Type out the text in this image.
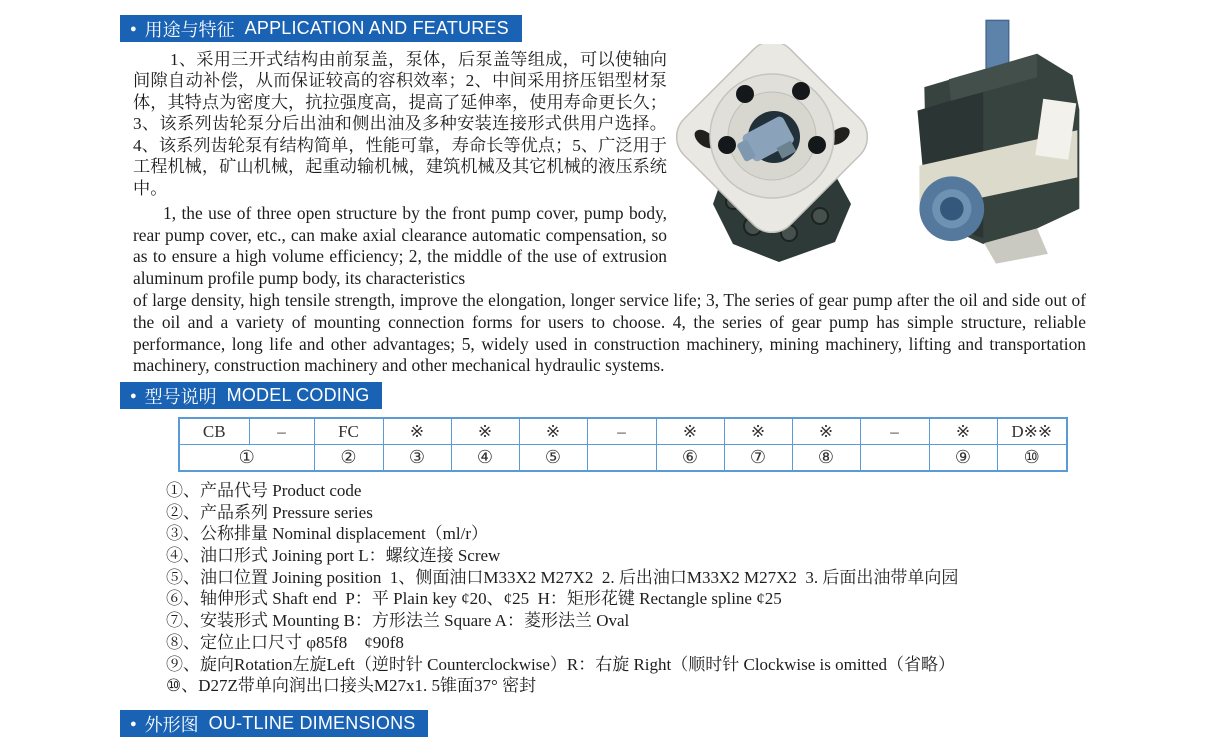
● 用途与特征 APPLICATION AND FEATURES
1、采用三开式结构由前泵盖，泵体，后泵盖等组成，可以使轴向间隙自动补偿，从而保证较高的容积效率；2、中间采用挤压铝型材泵体，其特点为密度大，抗拉强度高，提高了延伸率，使用寿命更长久；3、该系列齿轮泵分后出油和侧出油及多种安装连接形式供用户选择。4、该系列齿轮泵有结构简单，性能可靠，寿命长等优点；5、广泛用于工程机械，矿山机械，起重动输机械，建筑机械及其它机械的液压系统中。
1, the use of three open structure by the front pump cover, pump body, rear pump cover, etc., can make axial clearance automatic compensation, so as to ensure a high volume efficiency; 2, the middle of the use of extrusion aluminum profile pump body, its characteristics
of large density, high tensile strength, improve the elongation, longer service life; 3, The series of gear pump after the oil and side out of the oil and a variety of mounting connection forms for users to choose. 4, the series of gear pump has simple structure, reliable performance, long life and other advantages; 5, widely used in construction machinery, mining machinery, lifting and transportation machinery, construction machinery and other mechanical hydraulic systems.
● 型号说明 MODEL CODING
CB	–	FC	※	※	※	–	※	※	※	–	※	D※※
①		②	③	④	⑤		⑥	⑦	⑧		⑨	⑩
①、产品代号 Product code
②、产品系列 Pressure series
③、公称排量 Nominal displacement（ml/r）
④、油口形式 Joining port L：螺纹连接 Screw
⑤、油口位置 Joining position  1、侧面油口M33X2 M27X2  2. 后出油口M33X2 M27X2  3. 后面出油带单向园
⑥、轴伸形式 Shaft end  P：平 Plain key ¢20、¢25  H：矩形花键 Rectangle spline ¢25
⑦、安装形式 Mounting B：方形法兰 Square A：菱形法兰 Oval
⑧、定位止口尺寸 φ85f8　¢90f8
⑨、旋向Rotation左旋Left（逆时针 Counterclockwise）R：右旋 Right（顺时针 Clockwise is omitted（省略）
⑩、D27Z带单向润出口接头M27x1. 5锥面37° 密封
● 外形图 OU-TLINE DIMENSIONS
